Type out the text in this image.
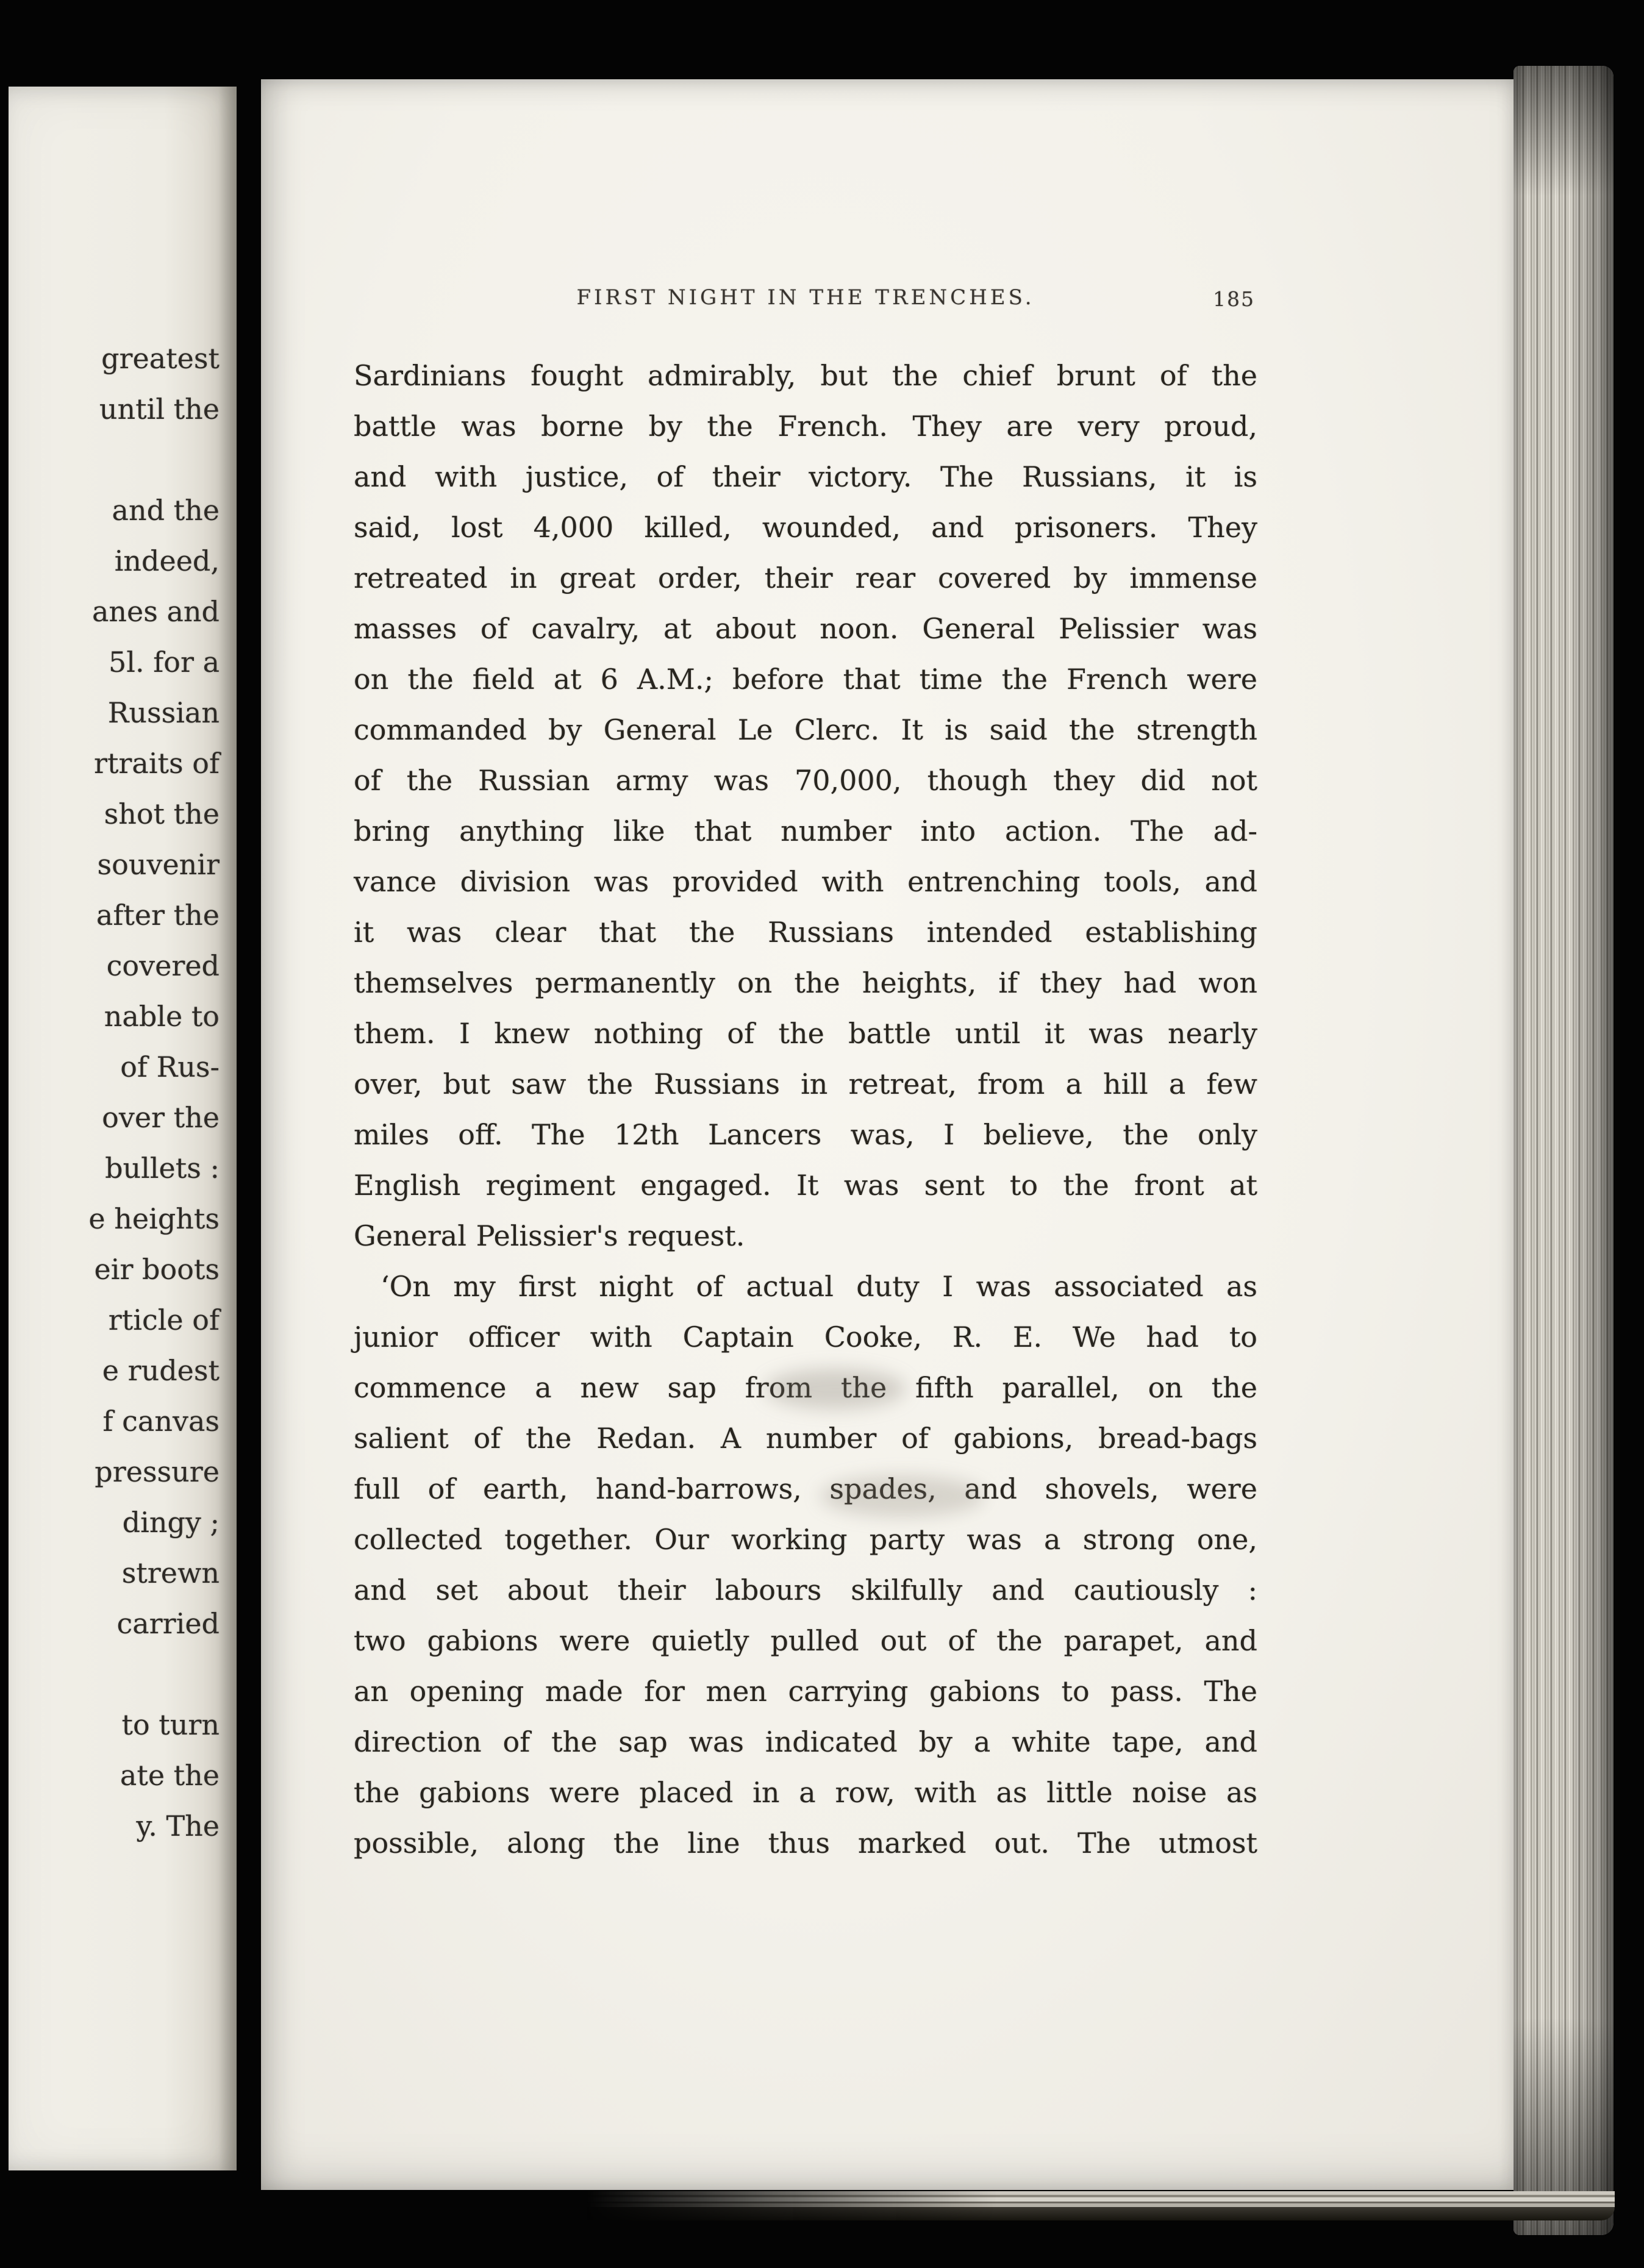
greatest
until the
and the
indeed,
anes and
5l. for a
Russian
rtraits of
shot the
souvenir
after the
covered
nable to
of Rus-
over the
bullets :
e heights
eir boots
rticle of
e rudest
f canvas
pressure
dingy ;
strewn
carried
to turn
ate the
y. The
FIRST NIGHT IN THE TRENCHES.	185
Sardinians fought admirably, but the chief brunt of the
battle was borne by the French. They are very proud,
and with justice, of their victory. The Russians, it is
said, lost 4,000 killed, wounded, and prisoners. They
retreated in great order, their rear covered by immense
masses of cavalry, at about noon. General Pelissier was
on the field at 6 A.M.; before that time the French were
commanded by General Le Clerc. It is said the strength
of the Russian army was 70,000, though they did not
bring anything like that number into action. The ad-
vance division was provided with entrenching tools, and
it was clear that the Russians intended establishing
themselves permanently on the heights, if they had won
them. I knew nothing of the battle until it was nearly
over, but saw the Russians in retreat, from a hill a few
miles off. The 12th Lancers was, I believe, the only
English regiment engaged. It was sent to the front at
General Pelissier's request.
‘On my first night of actual duty I was associated as
junior officer with Captain Cooke, R. E. We had to
commence a new sap from the fifth parallel, on the
salient of the Redan. A number of gabions, bread-bags
full of earth, hand-barrows, spades, and shovels, were
collected together. Our working party was a strong one,
and set about their labours skilfully and cautiously :
two gabions were quietly pulled out of the parapet, and
an opening made for men carrying gabions to pass. The
direction of the sap was indicated by a white tape, and
the gabions were placed in a row, with as little noise as
possible, along the line thus marked out. The utmost
